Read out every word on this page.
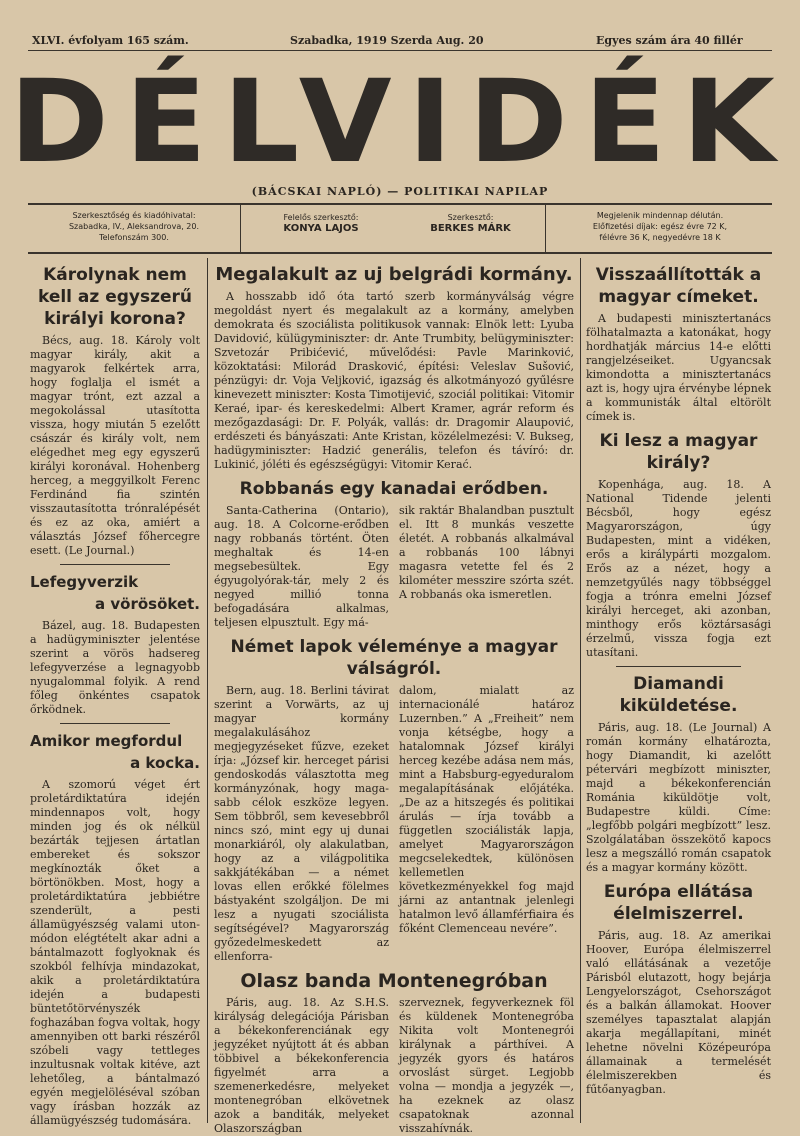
XLVI. évfolyam 165 szám.	Szabadka, 1919 Szerda Aug. 20	Egyes szám ára 40 fillér
DÉLVIDÉK
(BÁCSKAI NAPLÓ) — POLITIKAI NAPILAP
Szerkesztőség és kiadóhivatal:
Szabadka, IV., Aleksandrova, 20.
Telefonszám 300.
Felelős szerkesztő:
KONYA LAJOS
Szerkesztő:
BERKES MÁRK
Megjelenik mindennap délután.
Előfizetési díjak: egész évre 72 K,
félévre 36 K, negyedévre 18 K
Károlynak nem kell az egyszerű királyi korona?

Bécs, aug. 18. Károly volt magyar király, akit a magyarok felkértek arra, hogy foglalja el ismét a magyar trónt, ezt azzal a megokolással utasította vissza, hogy miután 5 ezelőtt császár és király volt, nem elégedhet meg egy egyszerű királyi koronával. Hohenberg herceg, a meggyilkolt Ferenc Ferdinánd fia szintén visszautasította trónralépését és ez az oka, amiért a választás József főhercegre esett. (Le Journal.)

Lefegyverzik
a vörösöket.

Bázel, aug. 18. Budapesten a hadügyminiszter jelentése szerint a vörös hadsereg lefegyverzése a legnagyobb nyugalommal folyik. A rend főleg önkéntes csapatok őrködnek.

Amikor megfordul
a kocka.

A szomorú véget ért proletárdiktatúra idején mindennapos volt, hogy minden jog és ok nélkül bezárták tejjesen ártatlan embereket és sokszor megkínozták őket a börtönökben. Most, hogy a proletárdiktatúra jebbiétre szenderült, a pesti államügyészség valami uton-módon elégtételt akar adni a bántalmazott foglyoknak és szokból felhívja mindazokat, akik a proletárdiktatúra idején a budapesti büntetőtörvényszék foghazában fogva voltak, hogy amennyiben ott barki részéről szóbeli vagy tettleges inzultusnak voltak kitéve, azt lehetőleg, a bántalmazó egyén megjelöléséval szóban vagy írásban hozzák az államügyészség tudomására.

Megalakult az uj belgrádi kormány.

A hosszabb idő óta tartó szerb kormányválság végre megoldást nyert és megalakult az a kormány, amelyben demokrata és szociálista politikusok vannak: Elnök lett: Lyuba Davidović, külügyminiszter: dr. Ante Trumbity, belügyminiszter: Szvetozár Pribićević, művelődési: Pavle Marinković, közoktatási: Milorád Drasković, építési: Veleslav Sušović, pénzügyi: dr. Voja Veljković, igazság és alkotmányozó gyűlésre kinevezett miniszter: Kosta Timotijević, szociál politikai: Vitomir Keraé, ipar- és kereskedelmi: Albert Kramer, agrár reform és mezőgazdasági: Dr. F. Polyák, vallás: dr. Dragomir Alaupović, erdészeti és bányászati: Ante Kristan, közélelmezési: V. Bukseg, hadügyminiszter: Hadzić generális, telefon és távíró: dr. Lukinić, jóléti és egészségügyi: Vitomir Kerać.

Robbanás egy kanadai erődben.

Santa-Catherina (Ontario), aug. 18. A Colcorne-erődben nagy robbanás történt. Öten meghaltak és 14-en megsebesültek. Egy égyugolyórak-tár, mely 2 és negyed millió tonna befogadására alkalmas, teljesen elpusztult. Egy má-

sik raktár Bhalandban pusztult el. Itt 8 munkás veszette életét. A robbanás alkalmával a robbanás 100 lábnyi magasra vetette fel és 2 kilométer messzire szórta szét. A robbanás oka ismeretlen.

Német lapok véleménye a magyar válságról.

Bern, aug. 18. Berlini távirat szerint a Vorwärts, az uj magyar kormány megalakulásához megjegyzéseket fűzve, ezeket írja: „József kir. herceget párisi gendoskodás választotta meg kormányzónak, hogy maga-sabb célok eszköze legyen. Sem többről, sem kevesebbről nincs szó, mint egy uj dunai monarkiáról, oly alakulatban, hogy az a világpolitika sakkjátékában — a német lovas ellen erőkké fölelmes bástyaként szolgáljon. De mi lesz a nyugati szociálista segítségével? Magyarország győzedelmeskedett az ellenforra-

dalom, mialatt az internacionálé határoz Luzernben.” A „Freiheit” nem vonja kétségbe, hogy a hatalomnak József királyi herceg kezébe adása nem más, mint a Habsburg-egyeduralom megalapításának előjátéka. „De az a hitszegés és politikai árulás — írja tovább a független szociálisták lapja, amelyet Magyarországon megcselekedtek, különösen kellemetlen következményekkel fog majd járni az antantnak jelenlegi hatalmon levő államférfiaira és főként Clemenceau nevére”.

Olasz banda Montenegróban

Páris, aug. 18. Az S.H.S. királyság delegációja Párisban a békekonferenciának egy jegyzéket nyújtott át és abban többivel a békekonferencia figyelmét arra a szemenerkedésre, melyeket montenegróban elkövetnek azok a banditák, melyeket Olaszországban

szerveznek, fegyverkeznek föl és küldenek Montenegróba Nikita volt Montenegrói királynak a párthívei. A jegyzék gyors és határos orvoslást sürget. Legjobb volna — mondja a jegyzék —, ha ezeknek az olasz csapatoknak azonnal visszahívnák.

Visszaállították a magyar címeket.

A budapesti minisztertanács fölhatalmazta a katonákat, hogy hordhatják március 14-e előtti rangjelzéseiket. Ugyancsak kimondotta a minisztertanács azt is, hogy ujra érvénybe lépnek a kommunisták által eltörölt címek is.

Ki lesz a magyar király?

Kopenhága, aug. 18. A National Tidende jelenti Bécsből, hogy egész Magyarországon, úgy Budapesten, mint a vidéken, erős a királypárti mozgalom. Erős az a nézet, hogy a nemzetgyűlés nagy többséggel fogja a trónra emelni József királyi herceget, aki azonban, minthogy erős köztársasági érzelmű, vissza fogja ezt utasítani.

Diamandi kiküldetése.

Páris, aug. 18. (Le Journal) A román kormány elhatározta, hogy Diamandit, ki azelőtt pétervári megbízott miniszter, majd a békekonferencián Románia kiküldötje volt, Budapestre küldi. Címe: „legfőbb polgári megbízott” lesz. Szolgálatában összekötő kapocs lesz a megszálló román csapatok és a magyar kormány között.

Európa ellátása élelmiszerrel.

Páris, aug. 18. Az amerikai Hoover, Európa élelmiszerrel való ellátásának a vezetője Párisból elutazott, hogy bejárja Lengyelországot, Csehországot és a balkán államokat. Hoover személyes tapasztalat alapján akarja megállapítani, minét lehetne növelni Középeurópa államainak a termelését élelmiszerekben és fűtőanyagban.
